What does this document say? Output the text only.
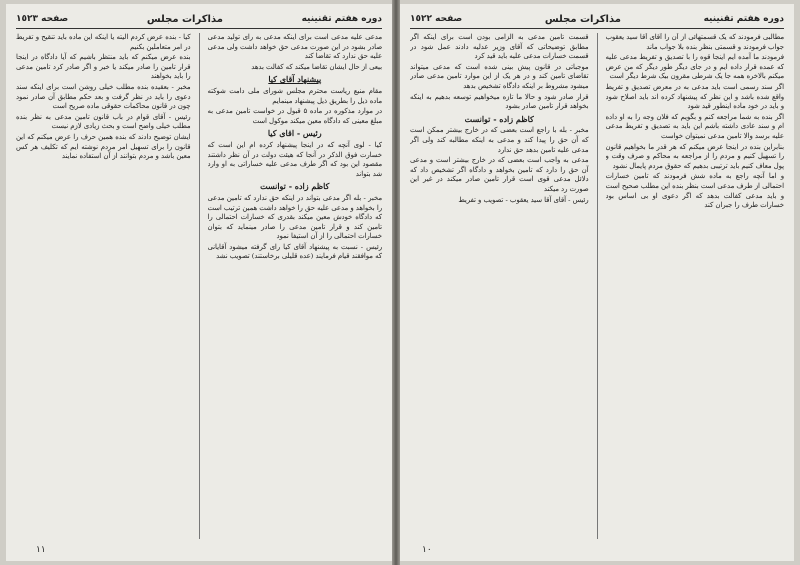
دوره هفتم تقنينيه
مذاكرات مجلس
صفحه ١٥٢٣

مدعی علیه مدعی است برای اینکه مدعی به رای تولید مدعی صادر بشود در این صورت مدعی حق خواهد داشت ولی مدعی علیه حق ندارد که تقاضا کند

بیعی از حال ایشان تقاضا میکند که کفالت بدهد

پیشنهاد آقای کیا

مقام منیع ریاست محترم مجلس شورای ملی دامت شوکته ماده ذیل را بطریق ذیل پیشنهاد مینمایم

در موارد مذکوره در ماده ۵ قبول در خواست تامین مدعی به مبلغ معینی که دادگاه معین میکند موکول است

رئیس - اقای کیا

کیا - لوی آنچه که در اینجا پیشنهاد کرده ام این است که خسارت فوق الذکر در آنجا که هیئت دولت در آن نظر داشتند مقصود این بود که اگر طرف مدعی علیه خساراتی به او وارد شد بتواند

کاظم زاده - توانست

مخبر - بله اگر مدعی بتواند در اینکه حق ندارد که تامین مدعی را بخواهد و مدعی علیه حق را خواهد داشت همین ترتیب است که دادگاه خودش معین میکند بقدری که خسارات احتمالی را تامین کند و قرار تامین مدعی را صادر مینماید که بتوان خسارات احتمالی را از آن استیفا نمود

رئیس - نسبت به پیشنهاد آقای کیا رای گرفته میشود آقایانی که موافقند قیام فرمایند (عده قلیلی برخاستند) تصویب نشد

کیا - بنده عرض کردم الیته یا اینکه این ماده باید تنقیح و تفریط در امر متعاملین بکنیم

بنده عرض میکنم که باید منتظر باشیم که آیا دادگاه در اینجا قرار تامین را صادر میکند یا خیر و اگر صادر کرد تامین مدعی را باید بخواهند

مخبر - بعقیده بنده مطلب خیلی روشن است برای اینکه سند دعوی را باید در نظر گرفت و بعد حکم مطابق آن صادر نمود چون در قانون محاکمات حقوقی ماده صریح است

رئیس - آقای قوام در باب قانون تامین مدعی به نظر بنده مطلب خیلی واضح است و بحث زیادی لازم نیست

ایشان توضیح دادند که بنده همین حرف را عرض میکنم که این قانون را برای تسهیل امر مردم نوشته ایم که تکلیف هر کس معین باشد و مردم بتوانند از آن استفاده نمایند

١١
دوره هفتم تقنينيه
مذاكرات مجلس
صفحه ١٥٢٢

مطالبی فرمودند که یک قسمتهائی از آن را آقای آقا سید یعقوب جواب فرمودند و قسمتی بنظر بنده بلا جواب ماند

فرمودند ما آمده ایم اینجا قوه را با تصدیق و تفریط مدعی علیه که عمده قرار داده ایم و در جای دیگر طور دیگر که من عرض میکنم بالاخره همه جا یک شرطی مقرون بیک شرط دیگر است

اگر سند رسمی است باید مدعی به در معرض تصدیق و تفریط واقع شده باشد و این نظر که پیشنهاد کرده اند باید اصلاح شود و باید در خود ماده اینطور قید شود

اگر بنده به شما مراجعه کنم و بگویم که فلان وجه را به او داده ام و سند عادی داشته باشم این باید به تصدیق و تفریط مدعی علیه برسد والا تامین مدعی نمیتوان خواست

بنابراین بنده در اینجا عرض میکنم که هر قدر ما بخواهیم قانون را تسهیل کنیم و مردم را از مراجعه به محاکم و صرف وقت و پول معاف کنیم باید ترتیبی بدهیم که حقوق مردم پایمال نشود

و اما آنچه راجع به ماده شش فرمودند که تامین خسارات احتمالی از طرف مدعی است بنظر بنده این مطلب صحیح است و باید مدعی کفالت بدهد که اگر دعوی او بی اساس بود خسارات طرف را جبران کند

قسمت تامین مدعی به الزامی بودن است برای اینکه اگر مطابق توضیحاتی که آقای وزیر عدلیه دادند عمل شود در قسمت خسارات مدعی علیه باید قید کرد

موجباتی در قانون پیش بینی شده است که مدعی میتواند تقاضای تامین کند و در هر یک از این موارد تامین مدعی صادر میشود مشروط بر اینکه دادگاه تشخیص بدهد

قرار صادر شود و حالا ما تازه میخواهیم توسعه بدهیم به اینکه بخواهد قرار تامین صادر بشود

کاظم زاده - توانست

مخبر - بله با راجع است بعضی که در خارج بیشتر ممکن است که آن حق را پیدا کند و مدعی به اینکه مطالبه کند ولی اگر مدعی علیه تامین بدهد حق ندارد

مدعی به واجب است بعضی که در خارج بیشتر است و مدعی آن حق را دارد که تامین بخواهد و دادگاه اگر تشخیص داد که دلائل مدعی قوی است قرار تامین صادر میکند در غیر این صورت رد میکند

رئیس - آقای آقا سید یعقوب - تصویب و تفریط

١٠
